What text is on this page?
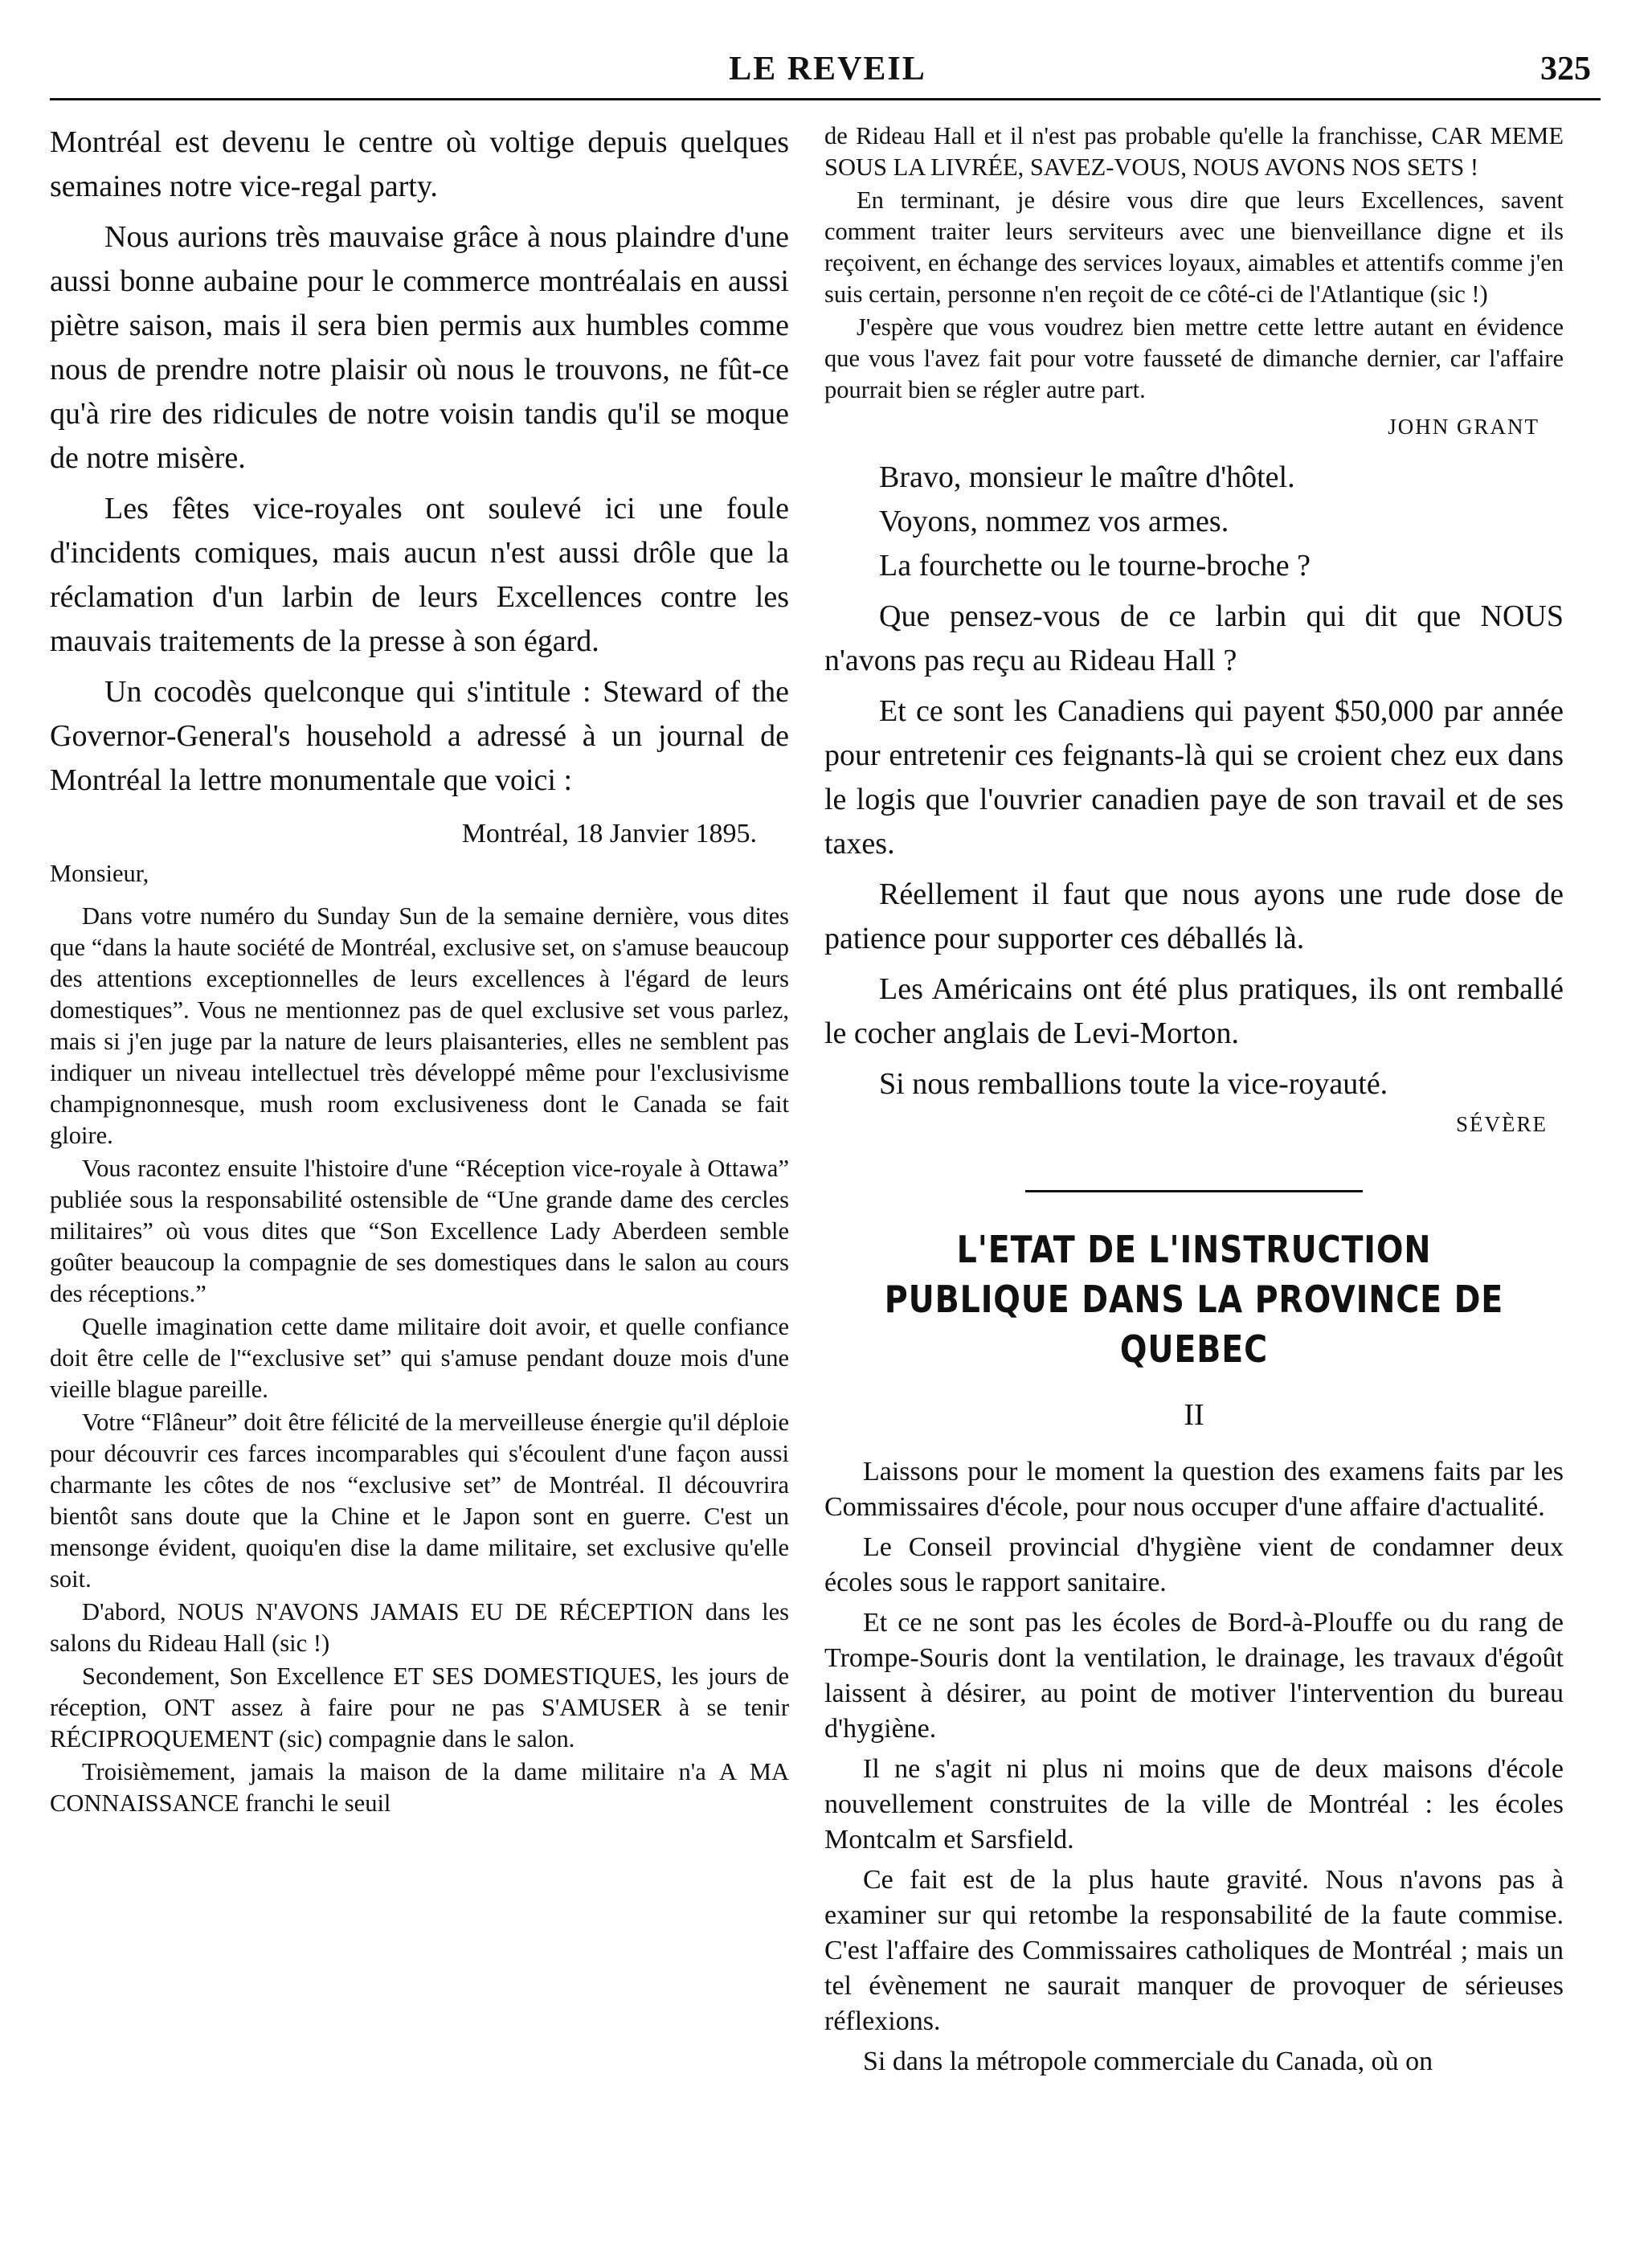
LE REVEIL	325

Montréal est devenu le centre où voltige depuis quelques semaines notre vice-regal party.

Nous aurions très mauvaise grâce à nous plaindre d'une aussi bonne aubaine pour le commerce montréalais en aussi piètre saison, mais il sera bien permis aux humbles comme nous de prendre notre plaisir où nous le trouvons, ne fût-ce qu'à rire des ridicules de notre voisin tandis qu'il se moque de notre misère.

Les fêtes vice-royales ont soulevé ici une foule d'incidents comiques, mais aucun n'est aussi drôle que la réclamation d'un larbin de leurs Excellences contre les mauvais traitements de la presse à son égard.

Un cocodès quelconque qui s'intitule : Steward of the Governor-General's household a adressé à un journal de Montréal la lettre monumentale que voici :

Montréal, 18 Janvier 1895.
Monsieur,

Dans votre numéro du Sunday Sun de la semaine dernière, vous dites que “dans la haute société de Montréal, exclusive set, on s'amuse beaucoup des attentions exceptionnelles de leurs excellences à l'égard de leurs domestiques”. Vous ne mentionnez pas de quel exclusive set vous parlez, mais si j'en juge par la nature de leurs plaisanteries, elles ne semblent pas indiquer un niveau intellectuel très développé même pour l'exclusivisme champignonnesque, mush room exclusiveness dont le Canada se fait gloire.

Vous racontez ensuite l'histoire d'une “Réception vice-royale à Ottawa” publiée sous la responsabilité ostensible de “Une grande dame des cercles militaires” où vous dites que “Son Excellence Lady Aberdeen semble goûter beaucoup la compagnie de ses domestiques dans le salon au cours des réceptions.”

Quelle imagination cette dame militaire doit avoir, et quelle confiance doit être celle de l'“exclusive set” qui s'amuse pendant douze mois d'une vieille blague pareille.

Votre “Flâneur” doit être félicité de la merveilleuse énergie qu'il déploie pour découvrir ces farces incomparables qui s'écoulent d'une façon aussi charmante les côtes de nos “exclusive set” de Montréal. Il découvrira bientôt sans doute que la Chine et le Japon sont en guerre. C'est un mensonge évident, quoiqu'en dise la dame militaire, set exclusive qu'elle soit.

D'abord, NOUS N'AVONS JAMAIS EU DE RÉCEPTION dans les salons du Rideau Hall (sic !)

Secondement, Son Excellence ET SES DOMESTIQUES, les jours de réception, ONT assez à faire pour ne pas S'AMUSER à se tenir RÉCIPROQUEMENT (sic) compagnie dans le salon.

Troisièmement, jamais la maison de la dame militaire n'a A MA CONNAISSANCE franchi le seuil

de Rideau Hall et il n'est pas probable qu'elle la franchisse, CAR MEME SOUS LA LIVRÉE, SAVEZ-VOUS, NOUS AVONS NOS SETS !

En terminant, je désire vous dire que leurs Excellences, savent comment traiter leurs serviteurs avec une bienveillance digne et ils reçoivent, en échange des services loyaux, aimables et attentifs comme j'en suis certain, personne n'en reçoit de ce côté-ci de l'Atlantique (sic !)

J'espère que vous voudrez bien mettre cette lettre autant en évidence que vous l'avez fait pour votre fausseté de dimanche dernier, car l'affaire pourrait bien se régler autre part.

JOHN GRANT

Bravo, monsieur le maître d'hôtel.

Voyons, nommez vos armes.

La fourchette ou le tourne-broche ?

Que pensez-vous de ce larbin qui dit que NOUS n'avons pas reçu au Rideau Hall ?

Et ce sont les Canadiens qui payent $50,000 par année pour entretenir ces feignants-là qui se croient chez eux dans le logis que l'ouvrier canadien paye de son travail et de ses taxes.

Réellement il faut que nous ayons une rude dose de patience pour supporter ces déballés là.

Les Américains ont été plus pratiques, ils ont remballé le cocher anglais de Levi-Morton.

Si nous remballions toute la vice-royauté.

SÉVÈRE
L'ETAT DE L'INSTRUCTION PUBLIQUE DANS LA PROVINCE DE QUEBEC
II

Laissons pour le moment la question des examens faits par les Commissaires d'école, pour nous occuper d'une affaire d'actualité.

Le Conseil provincial d'hygiène vient de condamner deux écoles sous le rapport sanitaire.

Et ce ne sont pas les écoles de Bord-à-Plouffe ou du rang de Trompe-Souris dont la ventilation, le drainage, les travaux d'égoût laissent à désirer, au point de motiver l'intervention du bureau d'hygiène.

Il ne s'agit ni plus ni moins que de deux maisons d'école nouvellement construites de la ville de Montréal : les écoles Montcalm et Sarsfield.

Ce fait est de la plus haute gravité. Nous n'avons pas à examiner sur qui retombe la responsabilité de la faute commise. C'est l'affaire des Commissaires catholiques de Montréal ; mais un tel évènement ne saurait manquer de provoquer de sérieuses réflexions.

Si dans la métropole commerciale du Canada, où on
